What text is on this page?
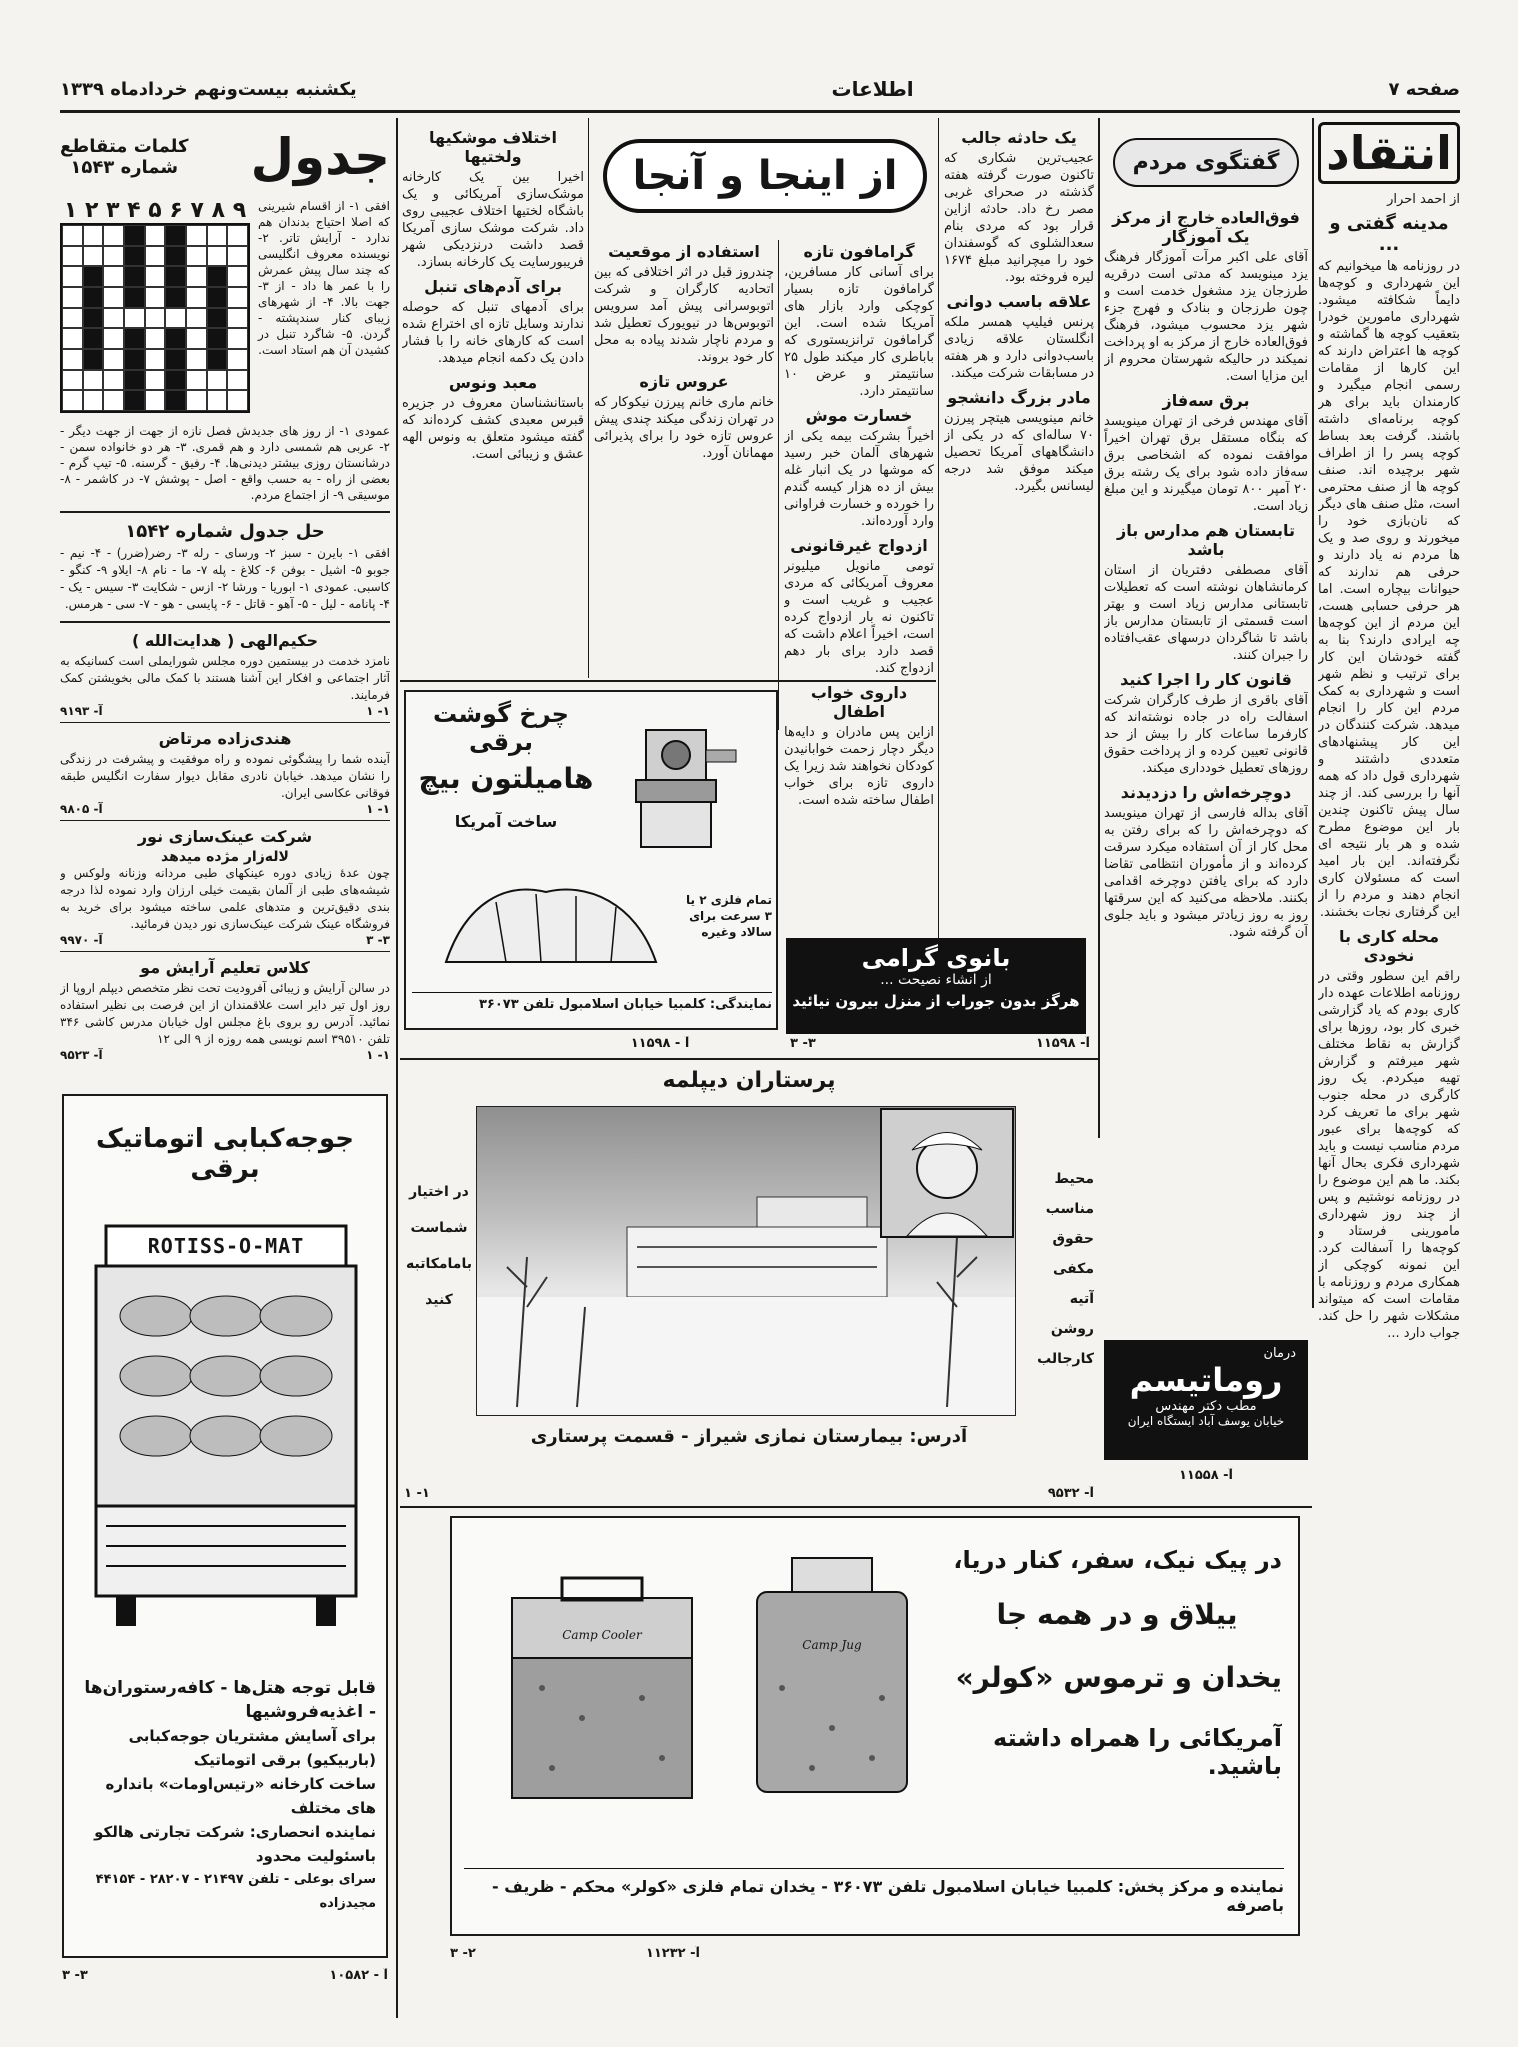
صفحه ۷
اطلاعات
یکشنبه بیست‌ونهم خردادماه ۱۳۳۹
انتقاد
از احمد احرار
مدینه گفتی و ...
در روزنامه ها میخوانیم که این شهرداری و کوچه‌ها دایماً شکافته میشود. شهرداری مامورین خودرا بتعقیب کوچه ها گماشته و کوچه ها اعتراض دارند که این کارها از مقامات رسمی انجام میگیرد و کارمندان باید برای هر کوچه برنامه‌ای داشته باشند. گرفت بعد بساط کوچه پسر را از اطراف شهر برچیده اند. صنف کوچه ها از صنف محترمی است، مثل صنف های دیگر که نان‌بازی خود را میخورند و روی صد و یک ها مردم نه یاد دارند و حرفی هم ندارند که حیوانات بیچاره است. اما هر حرفی حسابی هست، این مردم از این کوچه‌ها چه ایرادی دارند؟ بنا به گفته خودشان این کار برای ترتیب و نظم شهر است و شهرداری به کمک مردم این کار را انجام میدهد. شرکت کنندگان در این کار پیشنهادهای متعددی داشتند و شهرداری قول داد که همه آنها را بررسی کند. از چند سال پیش تاکنون چندین بار این موضوع مطرح شده و هر بار نتیجه ای نگرفته‌اند. این بار امید است که مسئولان کاری انجام دهند و مردم را از این گرفتاری نجات بخشند.
محله کاری با نخودی
راقم این سطور وقتی در روزنامه اطلاعات عهده دار کاری بودم که یاد گزارشی خبری کار بود، روزها برای گزارش به نقاط مختلف شهر میرفتم و گزارش تهیه میکردم. یک روز کارگری در محله جنوب شهر برای ما تعریف کرد که کوچه‌ها برای عبور مردم مناسب نیست و باید شهرداری فکری بحال آنها بکند. ما هم این موضوع را در روزنامه نوشتیم و پس از چند روز شهرداری مامورینی فرستاد و کوچه‌ها را آسفالت کرد. این نمونه کوچکی از همکاری مردم و روزنامه با مقامات است که میتواند مشکلات شهر را حل کند. جواب دارد ...
گفتگوی مردم
فوق‌العاده خارج از مرکز یک آموزگار
آقای علی اکبر مرآت آموزگار فرهنگ یزد مینویسد که مدتی است درقریه طرزجان یزد مشغول خدمت است و چون طرزجان و بنادک و فهرج جزء شهر یزد محسوب میشود، فرهنگ فوق‌العاده خارج از مرکز به او پرداخت نمیکند در حالیکه شهرستان محروم از این مزایا است.
برق سه‌فاز
آقای مهندس فرخی از تهران مینویسد که بنگاه مستقل برق تهران اخیراً موافقت نموده که اشخاصی برق سه‌فاز داده شود برای یک رشته برق ۲۰ آمپر ۸۰۰ تومان میگیرند و این مبلغ زیاد است.
تابستان هم مدارس باز باشد
آقای مصطفی دفتریان از استان کرمانشاهان نوشته است که تعطیلات تابستانی مدارس زیاد است و بهتر است قسمتی از تابستان مدارس باز باشد تا شاگردان درسهای عقب‌افتاده را جبران کنند.
قانون کار را اجرا کنید
آقای باقری از طرف کارگران شرکت اسفالت راه در جاده نوشته‌اند که کارفرما ساعات کار را بیش از حد قانونی تعیین کرده و از پرداخت حقوق روزهای تعطیل خودداری میکند.
دوچرخه‌اش را دزدیدند
آقای بداله فارسی از تهران مینویسد که دوچرخه‌اش را که برای رفتن به محل کار از آن استفاده میکرد سرقت کرده‌اند و از مأموران انتظامی تقاضا دارد که برای یافتن دوچرخه اقدامی بکنند. ملاحظه می‌کنید که این سرقتها روز به روز زیادتر میشود و باید جلوی آن گرفته شود.
از اینجا و آنجا
یک حادثه جالب
عجیب‌ترین شکاری که تاکنون صورت گرفته هفته گذشته در صحرای غربی مصر رخ داد. حادثه ازاین قرار بود که مردی بنام سعدالشلوی که گوسفندان خود را میچرانید مبلغ ۱۶۷۴ لیره فروخته بود.
علاقه باسب دوانی
پرنس فیلیپ همسر ملکه انگلستان علاقه زیادی باسب‌دوانی دارد و هر هفته در مسابقات شرکت میکند.
مادر بزرگ دانشجو
خانم مینویسی هیتچر پیرزن ۷۰ ساله‌ای که در یکی از دانشگاههای آمریکا تحصیل میکند موفق شد درجه لیسانس بگیرد.
گرامافون تازه
برای آسانی کار مسافرین، گرامافون تازه بسیار کوچکی وارد بازار های آمریکا شده است. این گرامافون ترانزیستوری که باباطری کار میکند طول ۲۵ سانتیمتر و عرض ۱۰ سانتیمتر دارد.
خسارت موش
اخیراً بشرکت بیمه یکی از شهرهای آلمان خبر رسید که موشها در یک انبار غله بیش از ده هزار کیسه گندم را خورده و خسارت فراوانی وارد آورده‌اند.
ازدواج غیرقانونی
تومی مانویل میلیونر معروف آمریکائی که مردی عجیب و غریب است و تاکنون نه بار ازدواج کرده است، اخیراً اعلام داشت که قصد دارد برای بار دهم ازدواج کند.
داروی خواب اطفال
ازاین پس مادران و دایه‌ها دیگر دچار زحمت خوابانیدن کودکان نخواهند شد زیرا یک داروی تازه برای خواب اطفال ساخته شده است.
استفاده از موقعیت
چندروز قبل در اثر اختلافی که بین اتحادیه کارگران و شرکت اتوبوسرانی پیش آمد سرویس اتوبوس‌ها در نیویورک تعطیل شد و مردم ناچار شدند پیاده به محل کار خود بروند.
عروس تازه
خانم ماری خانم پیرزن نیکوکار که در تهران زندگی میکند چندی پیش عروس تازه خود را برای پذیرائی مهمانان آورد.
اختلاف موشکیها ولختیها
اخیرا بین یک کارخانه موشک‌سازی آمریکائی و یک باشگاه لختیها اختلاف عجیبی روی داد. شرکت موشک سازی آمریکا قصد داشت درنزدیکی شهر فریبورسایت یک کارخانه بسازد.
برای آدم‌های تنبل
برای آدمهای تنبل که حوصله ندارند وسایل تازه ای اختراع شده است که کارهای خانه را با فشار دادن یک دکمه انجام میدهد.
معبد ونوس
باستانشناسان معروف در جزیره قبرس معبدی کشف کرده‌اند که گفته میشود متعلق به ونوس الهه عشق و زیبائی است.
چرخ گوشت برقی
هامیلتون بیچ
ساخت آمریکا
تمام فلزی ۲ یا ۳ سرعت برای سالاد وغیره
نمایندگی: کلمبیا خیابان اسلامبول تلفن ۳۶۰۷۳
بانوی گرامی
از انشاء نصیحت ...
هرگز بدون جوراب از منزل بیرون نیائید
آ- ۱۱۵۹۸
۳- ۳
آ - ۱۱۵۹۸
پرستاران دیپلمه
محیط مناسب
حقوق مکفی
آتیه روشن
کارجالب
در اختیار
شماست
بامامکاتبه
کنید
آدرس: بیمارستان نمازی شیراز - قسمت پرستاری
آ- ۹۵۳۲
۱- ۱
درمان
روماتیسم
مطب دکتر مهندس
خیابان یوسف آباد ایستگاه ایران
آ- ۱۱۵۵۸
Camp Cooler
Camp Jug
در پیک نیک، سفر، کنار دریا،
ییلاق و در همه جا
یخدان و ترموس «کولر»
آمریکائی را همراه داشته باشید.
نماینده و مرکز پخش: کلمبیا خیابان اسلامبول تلفن ۳۶۰۷۳ - یخدان تمام فلزی «کولر» محکم - ظریف - باصرفه
آ- ۱۱۲۳۲
۲- ۳
جدول
کلمات متقاطع
شماره ۱۵۴۳
۹ ۸ ۷ ۶ ۵ ۴ ۳ ۲ ۱ افقی ۱- از اقسام شیرینی که اصلا احتیاج بدندان هم ندارد - آرایش تاتر. ۲- نویسنده معروف انگلیسی که چند سال پیش عمرش را با عمر ها داد - از ۳- جهت بالا. ۴- از شهرهای زیبای کنار سندپشته - گردن. ۵- شاگرد تنبل در کشیدن آن هم استاد است.
عمودی ۱- از روز های جدیدش فصل نازه از جهت از جهت دیگر - ۲- عربی هم شمسی دارد و هم قمری. ۳- هر دو خانواده سمن - درشانستان روزی بیشتر دیدنی‌ها. ۴- رفیق - گرسنه. ۵- تیپ گرم - بعضی از راه - به حسب واقع - اصل - پوشش ۷- در کاشمر - ۸- موسیقی ۹- از اجتماع مردم.
حل جدول شماره ۱۵۴۲
افقی ۱- بایرن - سبز ۲- ورسای - رله ۳- رضر(ضرر) - ۴- نیم - جوبو ۵- اشیل - بوفن ۶- کلاغ - پله ۷- ما - نام ۸- ایلاو ۹- کنگو - کاسبی. عمودی ۱- ابوریا - ورشا ۲- ازس - شکایت ۳- سیس - یک - ۴- پانامه - لیل - ۵- آهو - قاتل - ۶- پایسی - هو - ۷- سی - هرمس.
حکیم‌الهی ( هدایت‌الله )
نامزد خدمت در بیستمین دوره مجلس شورایملی است کسانیکه به آثار اجتماعی و افکار این آشنا هستند با کمک مالی بخویشتن کمک فرمایند.
۱- ۱
آ- ۹۱۹۳
هندی‌زاده مرتاض
آینده شما را پیشگوئی نموده و راه موفقیت و پیشرفت در زندگی را نشان میدهد. خیابان نادری مقابل دیوار سفارت انگلیس طبقه فوقانی عکاسی ایران.
۱- ۱
آ- ۹۸۰۵
شرکت عینک‌سازی نور
لاله‌زار مژده میدهد
چون عدهٔ زیادی دوره عینکهای طبی مردانه وزنانه ولوکس و شیشه‌های طبی از آلمان بقیمت خیلی ارزان وارد نموده لذا درجه بندی دقیق‌ترین و متدهای علمی ساخته میشود برای خرید به فروشگاه عینک شرکت عینک‌سازی نور دیدن فرمائید.
۳- ۳
آ- ۹۹۷۰
کلاس تعلیم آرایش مو
در سالن آرایش و زیبائی آفرودیت تحت نظر متخصص دیپلم اروپا از روز اول تیر دایر است علاقمندان از این فرصت بی نظیر استفاده نمائید. آدرس رو بروی باغ مجلس اول خیابان مدرس کاشی ۳۴۶ تلفن ۳۹۵۱۰ اسم نویسی همه روزه از ۹ الی ۱۲
۱- ۱
آ- ۹۵۲۳
جوجه‌کبابی اتوماتیک برقی
ROTISS-O-MAT
قابل توجه هتل‌ها - کافه‌رستوران‌ها - اغذیه‌فروشیها
برای آسایش مشتریان جوجه‌کبابی (باربیکیو) برقی اتوماتیک
ساخت کارخانه «رتیس‌اومات» بانداره های مختلف
نماینده انحصاری: شرکت تجارتی هالکو باسئولیت محدود
سرای بوعلی - تلفن ۲۱۴۹۷ - ۲۸۲۰۷ - ۴۴۱۵۴ مجیدزاده
آ - ۱۰۵۸۲
۳- ۳
